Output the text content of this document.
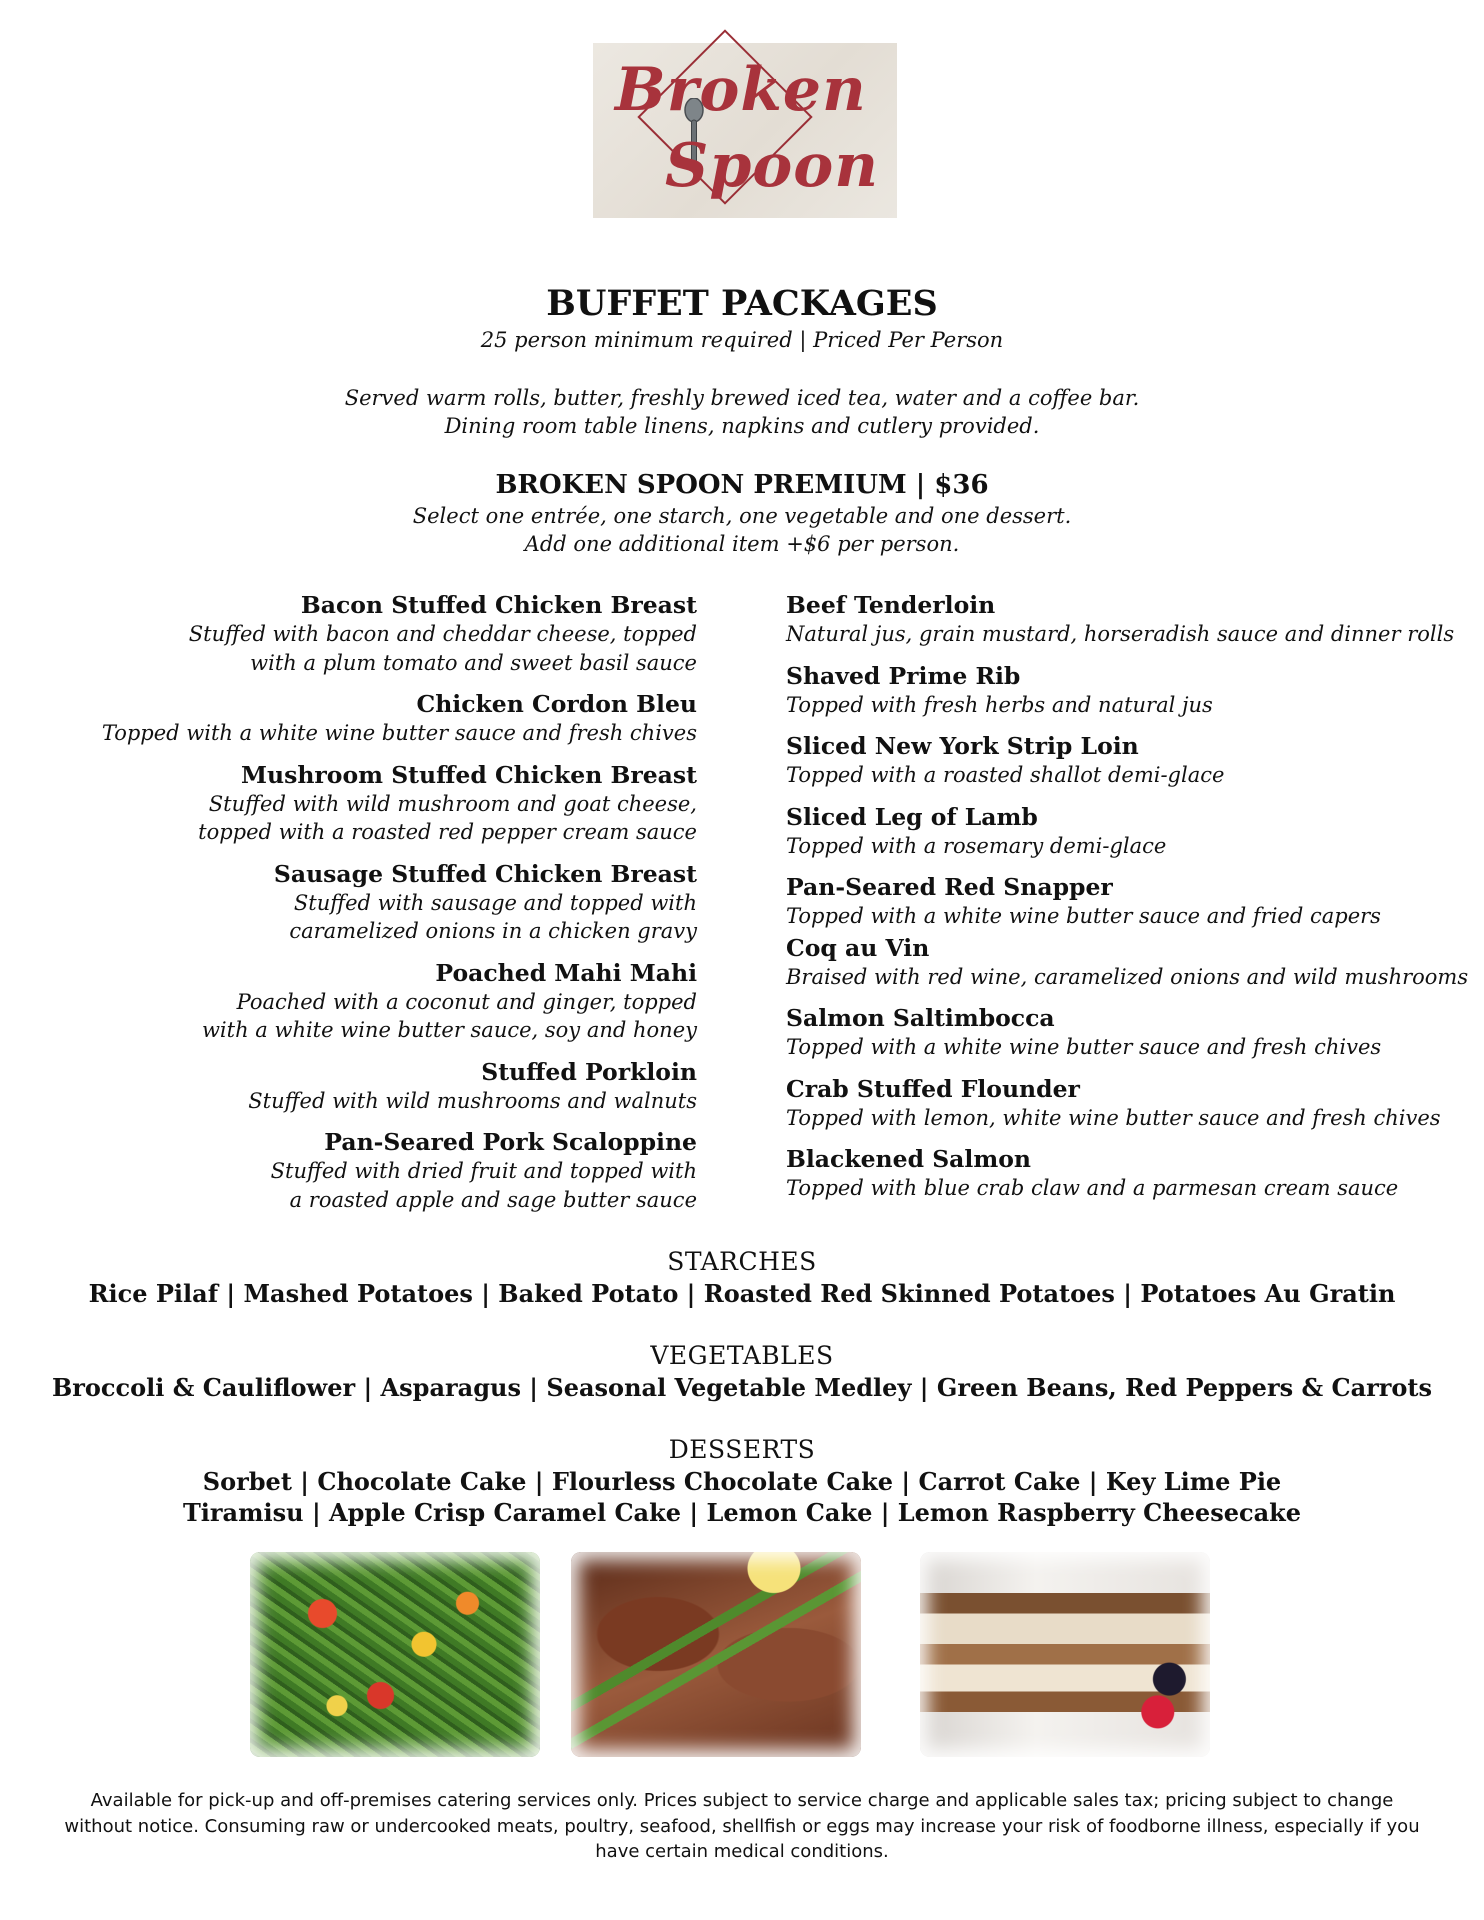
Broken
Spoon
BUFFET PACKAGES
25 person minimum required | Priced Per Person
Served warm rolls, butter, freshly brewed iced tea, water and a coffee bar.
Dining room table linens, napkins and cutlery provided.
BROKEN SPOON PREMIUM | $36
Select one entrée, one starch, one vegetable and one dessert.
Add one additional item +$6 per person.
Bacon Stuffed Chicken Breast
Stuffed with bacon and cheddar cheese, topped
with a plum tomato and sweet basil sauce
Chicken Cordon Bleu
Topped with a white wine butter sauce and fresh chives
Mushroom Stuffed Chicken Breast
Stuffed with wild mushroom and goat cheese,
topped with a roasted red pepper cream sauce
Sausage Stuffed Chicken Breast
Stuffed with sausage and topped with
caramelized onions in a chicken gravy
Poached Mahi Mahi
Poached with a coconut and ginger, topped
with a white wine butter sauce, soy and honey
Stuffed Porkloin
Stuffed with wild mushrooms and walnuts
Pan-Seared Pork Scaloppine
Stuffed with dried fruit and topped with
a roasted apple and sage butter sauce
Beef Tenderloin
Natural jus, grain mustard, horseradish sauce and dinner rolls
Shaved Prime Rib
Topped with fresh herbs and natural jus
Sliced New York Strip Loin
Topped with a roasted shallot demi-glace
Sliced Leg of Lamb
Topped with a rosemary demi-glace
Pan-Seared Red Snapper
Topped with a white wine butter sauce and fried capers
Coq au Vin
Braised with red wine, caramelized onions and wild mushrooms
Salmon Saltimbocca
Topped with a white wine butter sauce and fresh chives
Crab Stuffed Flounder
Topped with lemon, white wine butter sauce and fresh chives
Blackened Salmon
Topped with blue crab claw and a parmesan cream sauce
STARCHES
Rice Pilaf | Mashed Potatoes | Baked Potato | Roasted Red Skinned Potatoes | Potatoes Au Gratin
VEGETABLES
Broccoli & Cauliflower | Asparagus | Seasonal Vegetable Medley | Green Beans, Red Peppers & Carrots
DESSERTS
Sorbet | Chocolate Cake | Flourless Chocolate Cake | Carrot Cake | Key Lime Pie
Tiramisu | Apple Crisp Caramel Cake | Lemon Cake | Lemon Raspberry Cheesecake
Available for pick-up and off-premises catering services only. Prices subject to service charge and applicable sales tax; pricing subject to change
without notice. Consuming raw or undercooked meats, poultry, seafood, shellfish or eggs may increase your risk of foodborne illness, especially if you
have certain medical conditions.
